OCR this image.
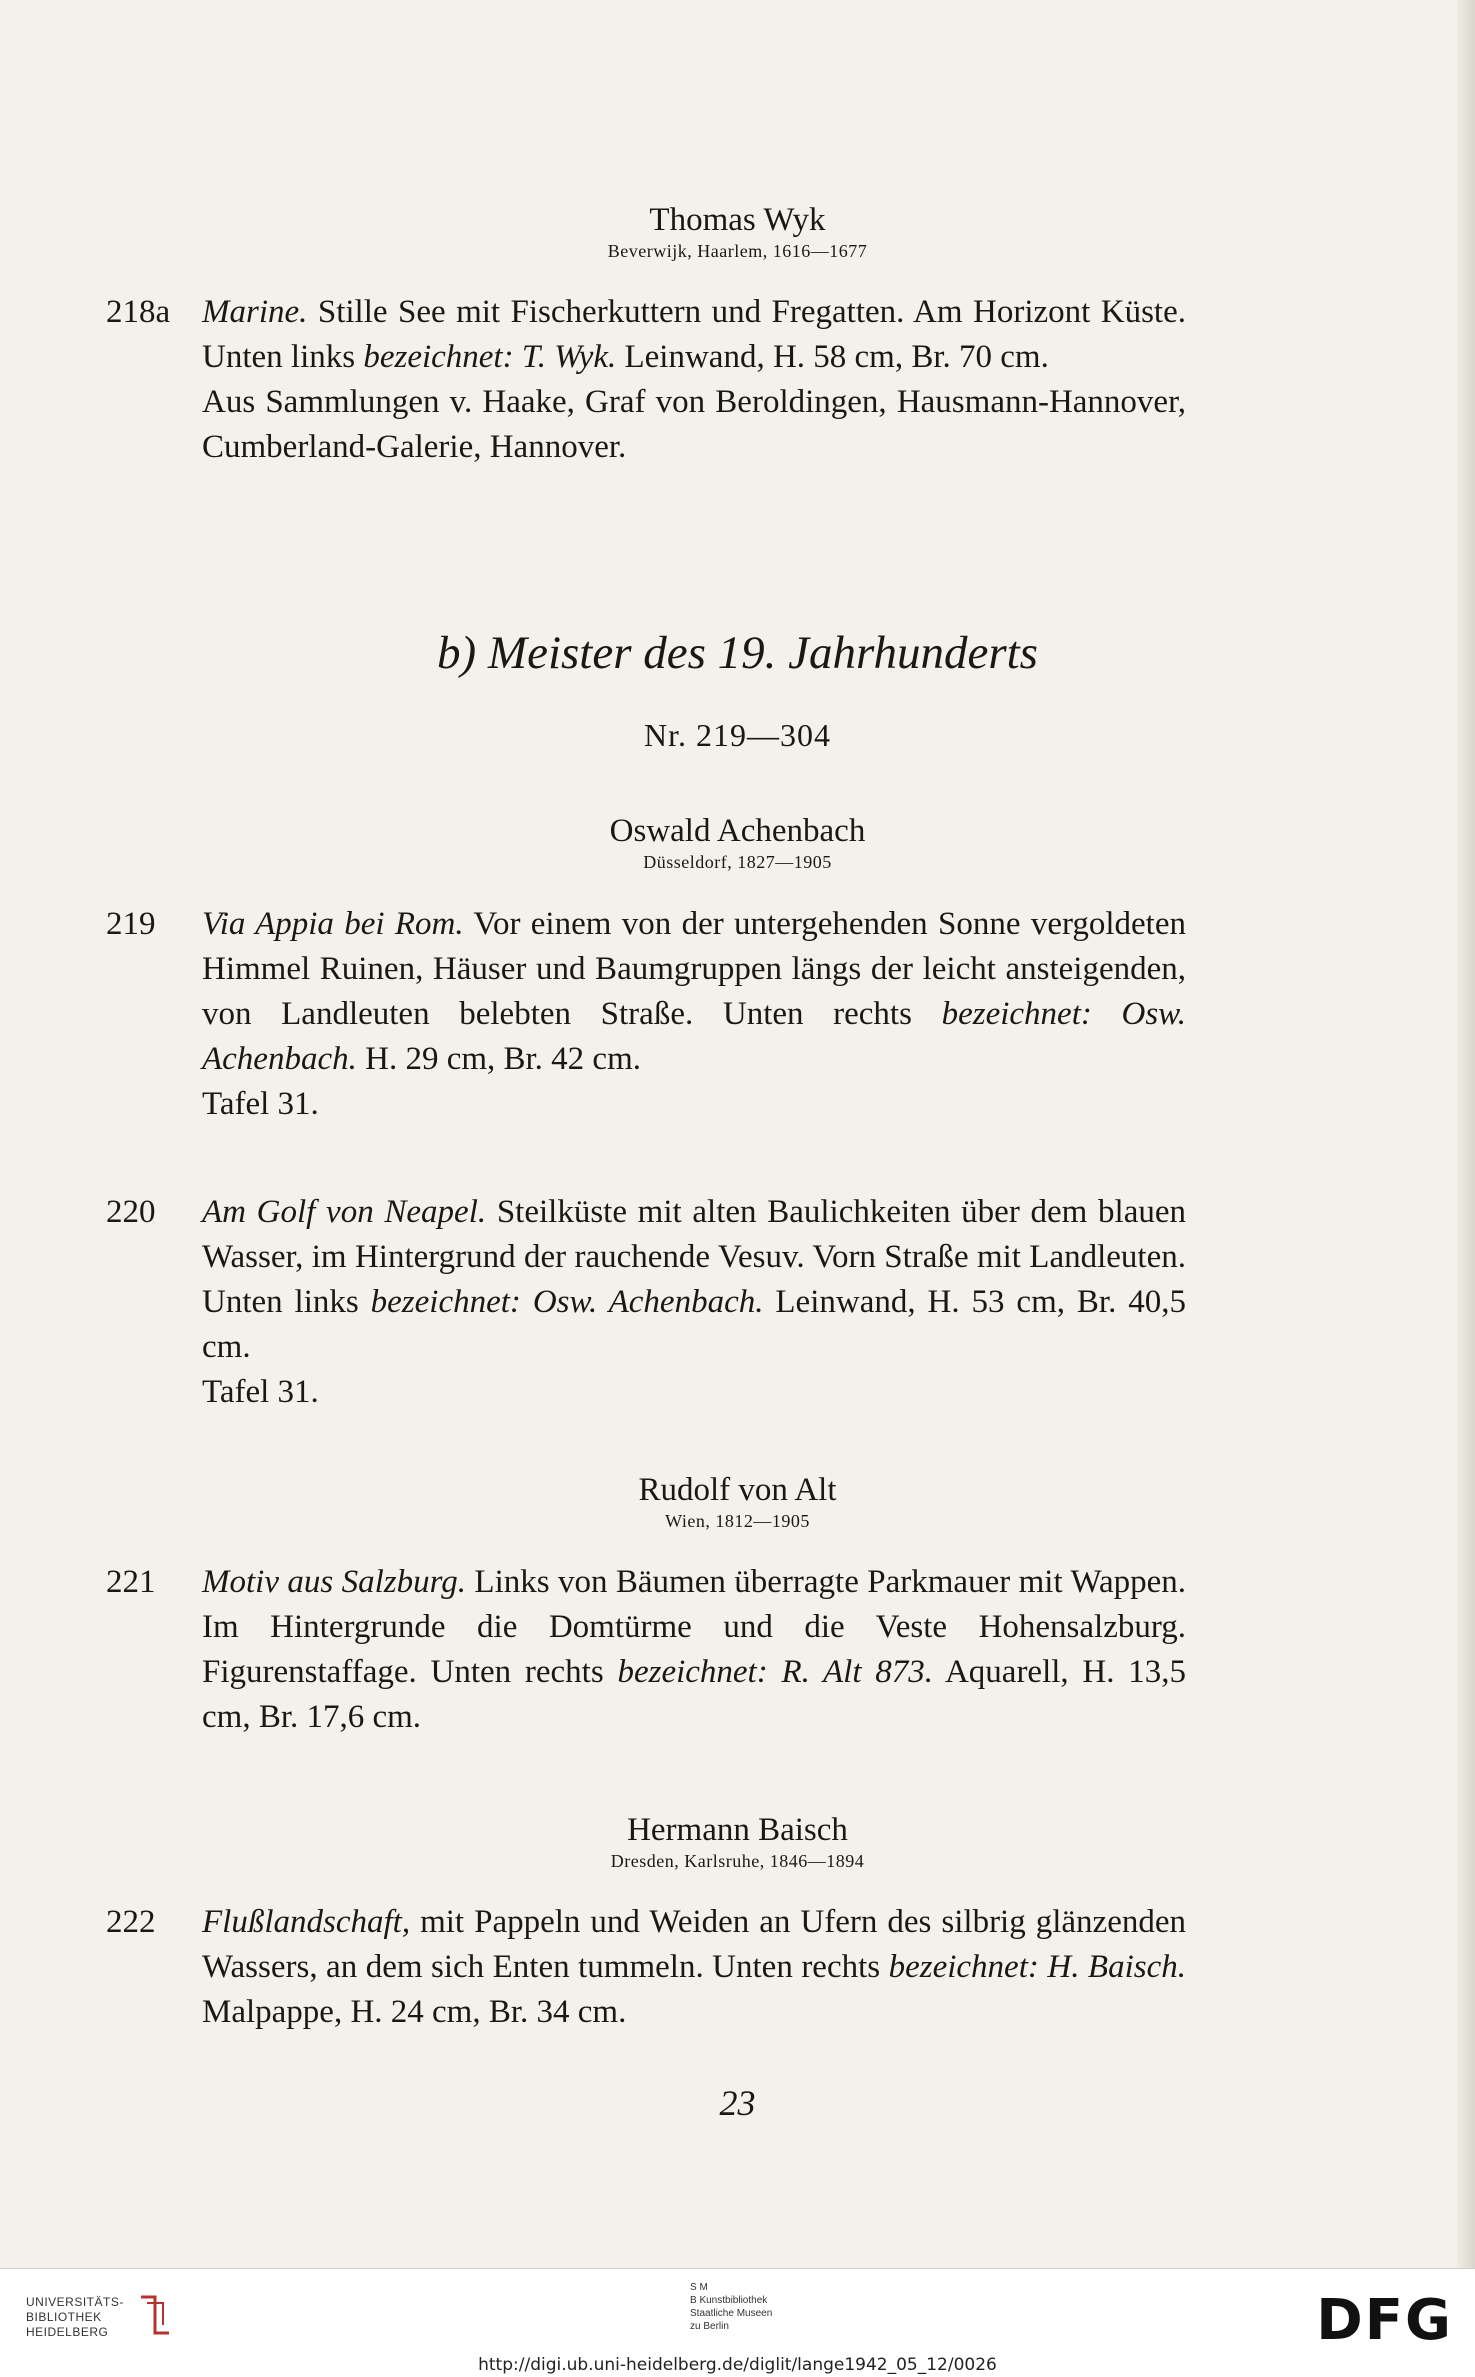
Thomas Wyk
Beverwijk, Haarlem, 1616—1677
218a Marine. Stille See mit Fischerkuttern und Fregatten. Am Horizont Küste. Unten links bezeichnet: T. Wyk. Leinwand, H. 58 cm, Br. 70 cm.
Aus Sammlungen v. Haake, Graf von Beroldingen, Hausmann-Hannover, Cumberland-Galerie, Hannover.
b) Meister des 19. Jahrhunderts
Nr. 219—304
Oswald Achenbach
Düsseldorf, 1827—1905
219 Via Appia bei Rom. Vor einem von der untergehenden Sonne vergoldeten Himmel Ruinen, Häuser und Baumgruppen längs der leicht ansteigenden, von Landleuten belebten Straße. Unten rechts bezeichnet: Osw. Achenbach. H. 29 cm, Br. 42 cm.
Tafel 31.
220 Am Golf von Neapel. Steilküste mit alten Baulichkeiten über dem blauen Wasser, im Hintergrund der rauchende Vesuv. Vorn Straße mit Landleuten. Unten links bezeichnet: Osw. Achenbach. Leinwand, H. 53 cm, Br. 40,5 cm.
Tafel 31.
Rudolf von Alt
Wien, 1812—1905
221 Motiv aus Salzburg. Links von Bäumen überragte Parkmauer mit Wappen. Im Hintergrunde die Domtürme und die Veste Hohensalzburg. Figurenstaffage. Unten rechts bezeichnet: R. Alt 873. Aquarell, H. 13,5 cm, Br. 17,6 cm.
Hermann Baisch
Dresden, Karlsruhe, 1846—1894
222 Flußlandschaft, mit Pappeln und Weiden an Ufern des silbrig glänzenden Wassers, an dem sich Enten tummeln. Unten rechts bezeichnet: H. Baisch. Malpappe, H. 24 cm, Br. 34 cm.
23
UNIVERSITÄTS-
BIBLIOTHEK
HEIDELBERG
S M
B Kunstbibliothek
Staatliche Museen
zu Berlin	DFG
http://digi.ub.uni-heidelberg.de/diglit/lange1942_05_12/0026
